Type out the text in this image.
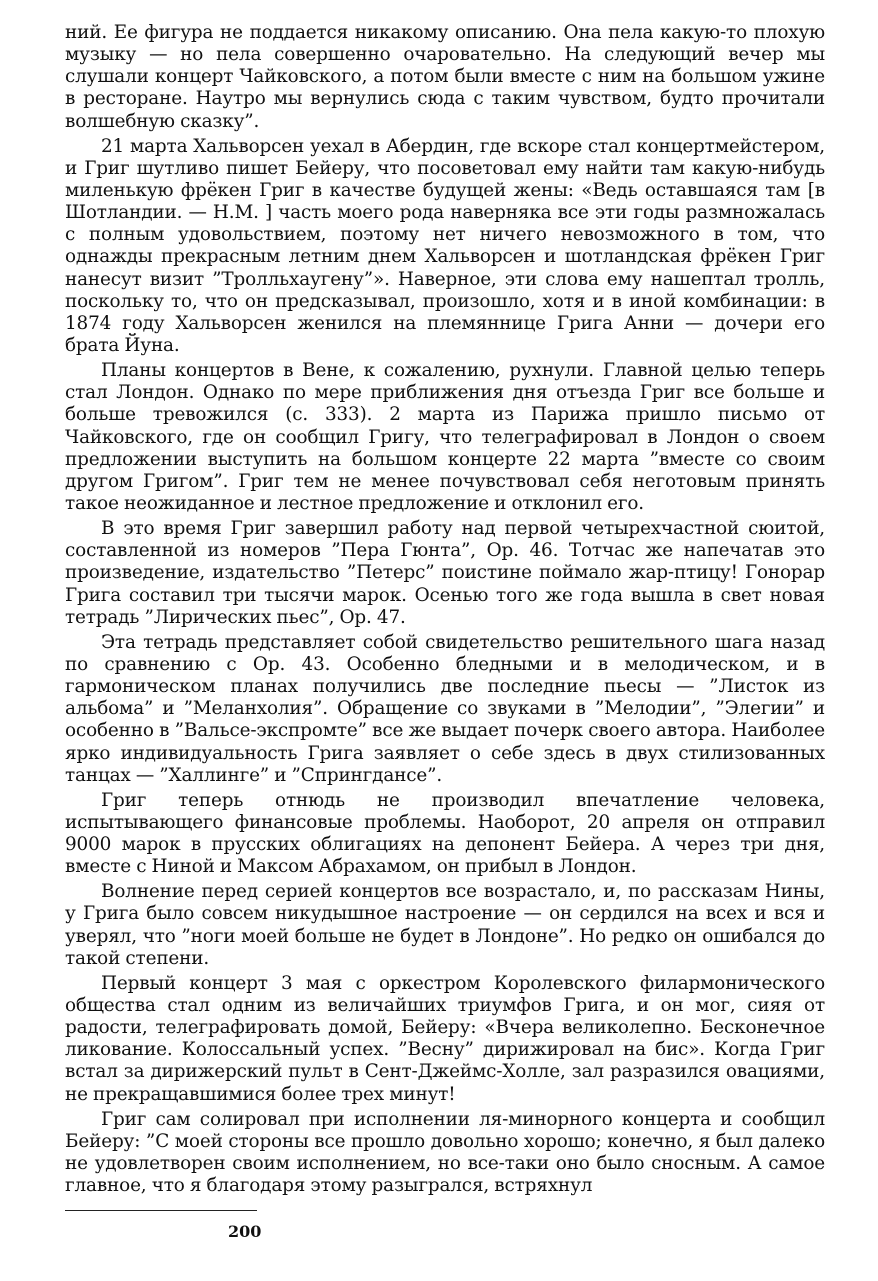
ний. Ее фигура не поддается никакому описанию. Она пела какую-то плохую музыку — но пела совершенно очаровательно. На следующий вечер мы слушали концерт Чайковского, а потом были вместе с ним на большом ужине в ресторане. Наутро мы вернулись сюда с таким чувством, будто прочитали волшебную сказку”.

21 марта Хальворсен уехал в Абердин, где вскоре стал концертмейстером, и Григ шутливо пишет Бейеру, что посоветовал ему найти там какую-нибудь миленькую фрёкен Григ в качестве будущей жены: «Ведь оставшаяся там [в Шотландии. — Н.М. ] часть моего рода наверняка все эти годы размножалась с полным удовольствием, поэтому нет ничего невозможного в том, что однажды прекрасным летним днем Хальворсен и шотландская фрёкен Григ нанесут визит ”Тролльхаугену”». Наверное, эти слова ему нашептал тролль, поскольку то, что он предсказывал, произошло, хотя и в иной комбинации: в 1874 году Хальворсен женился на племяннице Грига Анни — дочери его брата Йуна.

Планы концертов в Вене, к сожалению, рухнули. Главной целью теперь стал Лондон. Однако по мере приближения дня отъезда Григ все больше и больше тревожился (с. 333). 2 марта из Парижа пришло письмо от Чайковского, где он сообщил Григу, что телеграфировал в Лондон о своем предложении выступить на большом концерте 22 марта ”вместе со своим другом Григом”. Григ тем не менее почувствовал себя неготовым принять такое неожиданное и лестное предложение и отклонил его.

В это время Григ завершил работу над первой четырехчастной сюитой, составленной из номеров ”Пера Гюнта”, Ор. 46. Тотчас же напечатав это произведение, издательство ”Петерс” поистине поймало жар-птицу! Гонорар Грига составил три тысячи марок. Осенью того же года вышла в свет новая тетрадь ”Лирических пьес”, Ор. 47.

Эта тетрадь представляет собой свидетельство решительного шага назад по сравнению с Ор. 43. Особенно бледными и в мелодическом, и в гармоническом планах получились две последние пьесы — ”Листок из альбома” и ”Меланхолия”. Обращение со звуками в ”Мелодии”, ”Элегии” и особенно в ”Вальсе-экспромте” все же выдает почерк своего автора. Наиболее ярко индивидуальность Грига заявляет о себе здесь в двух стилизованных танцах — ”Халлинге” и ”Спрингдансе”.

Григ теперь отнюдь не производил впечатление человека, испытывающего финансовые проблемы. Наоборот, 20 апреля он отправил 9000 марок в прусских облигациях на депонент Бейера. А через три дня, вместе с Ниной и Максом Абрахамом, он прибыл в Лондон.

Волнение перед серией концертов все возрастало, и, по рассказам Нины, у Грига было совсем никудышное настроение — он сердился на всех и вся и уверял, что ”ноги моей больше не будет в Лондоне”. Но редко он ошибался до такой степени.

Первый концерт 3 мая с оркестром Королевского филармонического общества стал одним из величайших триумфов Грига, и он мог, сияя от радости, телеграфировать домой, Бейеру: «Вчера великолепно. Бесконечное ликование. Колоссальный успех. ”Весну” дирижировал на бис». Когда Григ встал за дирижерский пульт в Сент-Джеймс-Холле, зал разразился овациями, не прекращавшимися более трех минут!

Григ сам солировал при исполнении ля-минорного концерта и сообщил Бейеру: ”С моей стороны все прошло довольно хорошо; конечно, я был далеко не удовлетворен своим исполнением, но все-таки оно было сносным. А самое главное, что я благодаря этому разыгрался, встряхнул

200
